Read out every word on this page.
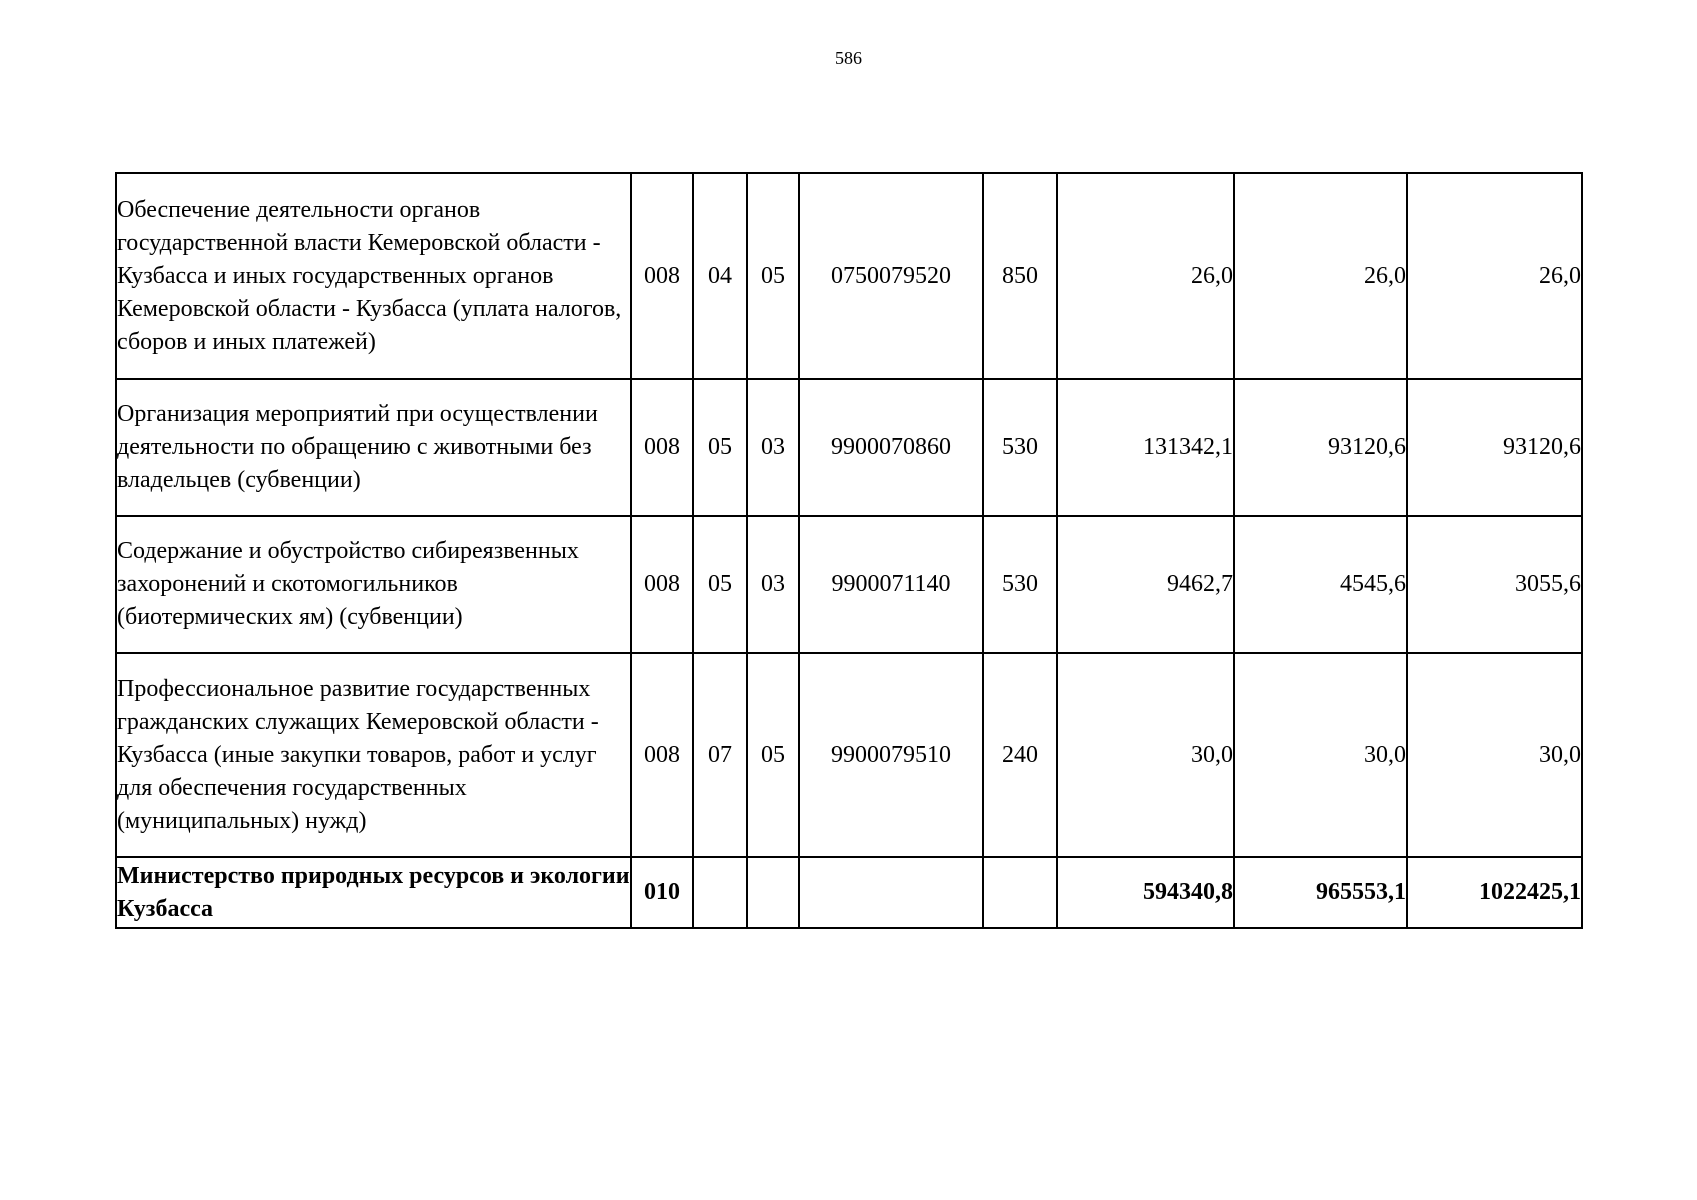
586
Обеспечение деятельности органов государственной власти Кемеровской области - Кузбасса и иных государственных органов Кемеровской области - Кузбасса (уплата налогов, сборов и иных платежей)	008	04	05	0750079520	850	26,0	26,0	26,0
Организация мероприятий при осуществлении деятельности по обращению с животными без владельцев (субвенции)	008	05	03	9900070860	530	131342,1	93120,6	93120,6
Содержание и обустройство сибиреязвенных захоронений и скотомогильников (биотермических ям) (субвенции)	008	05	03	9900071140	530	9462,7	4545,6	3055,6
Профессиональное развитие государственных гражданских служащих Кемеровской области - Кузбасса (иные закупки товаров, работ и услуг для обеспечения государственных (муниципальных) нужд)	008	07	05	9900079510	240	30,0	30,0	30,0
Министерство природных ресурсов и экологии Кузбасса	010					594340,8	965553,1	1022425,1
